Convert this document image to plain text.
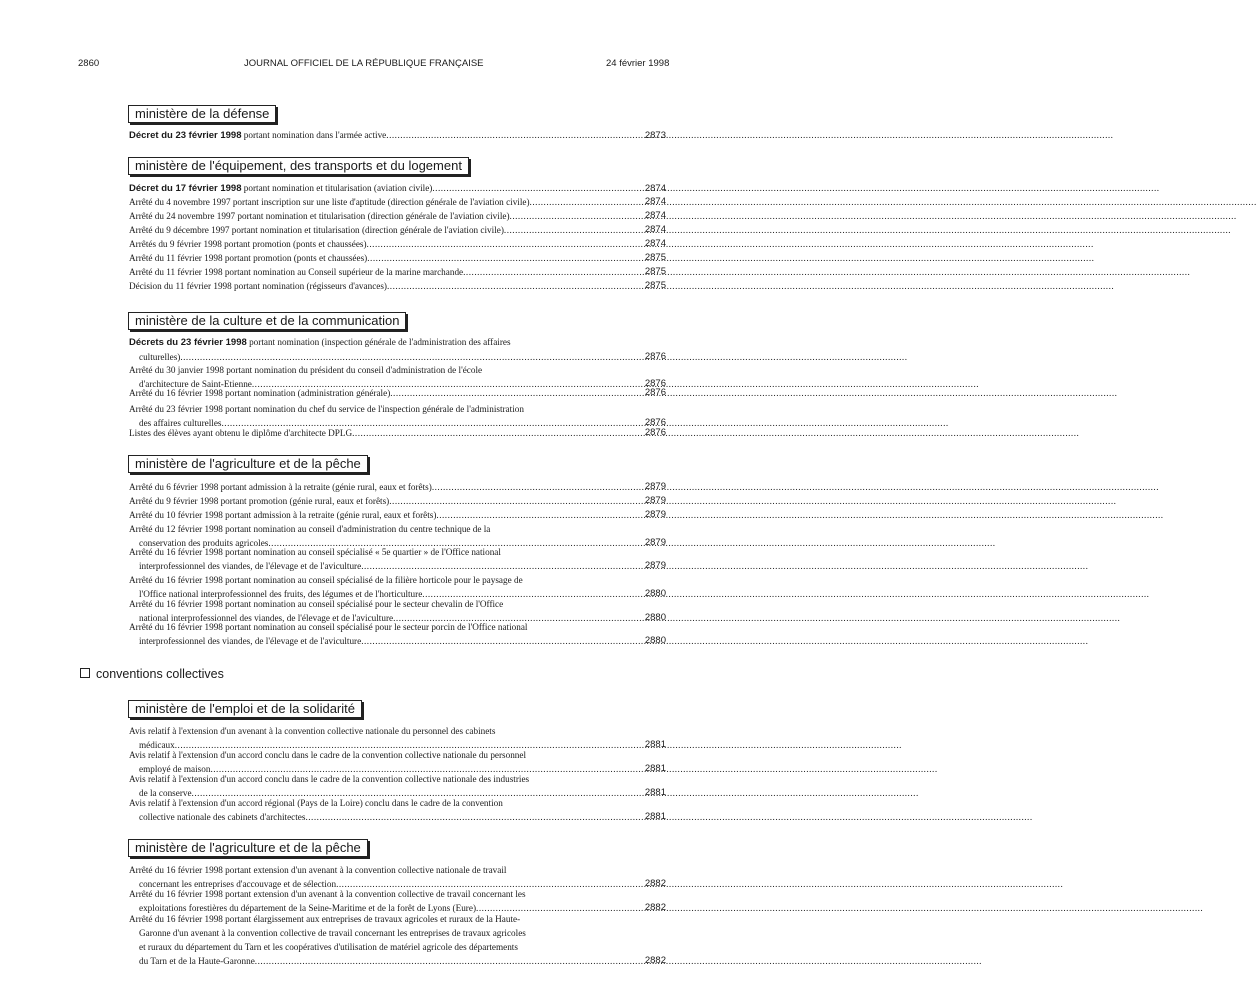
2860	JOURNAL OFFICIEL DE LA RÉPUBLIQUE FRANÇAISE	24 février 1998
ministère de la défense
Décret du 23 février 1998 portant nomination dans l'armée active .....	2873
ministère de l'équipement, des transports et du logement
Décret du 17 février 1998 portant nomination et titularisation (aviation civile) .....	2874
Arrêté du 4 novembre 1997 portant inscription sur une liste d'aptitude (direction générale de l'aviation civile) .....	2874
Arrêté du 24 novembre 1997 portant nomination et titularisation (direction générale de l'aviation civile) .....	2874
Arrêté du 9 décembre 1997 portant nomination et titularisation (direction générale de l'aviation civile) .....	2874
Arrêtés du 9 février 1998 portant promotion (ponts et chaussées) .....	2874
Arrêté du 11 février 1998 portant promotion (ponts et chaussées) .....	2875
Arrêté du 11 février 1998 portant nomination au Conseil supérieur de la marine marchande .....	2875
Décision du 11 février 1998 portant nomination (régisseurs d'avances) .....	2875
ministère de la culture et de la communication
Décrets du 23 février 1998 portant nomination (inspection générale de l'administration des affaires
culturelles) .....	2876
Arrêté du 30 janvier 1998 portant nomination du président du conseil d'administration de l'école
d'architecture de Saint-Etienne .....	2876
Arrêté du 16 février 1998 portant nomination (administration générale) .....	2876
Arrêté du 23 février 1998 portant nomination du chef du service de l'inspection générale de l'administration
des affaires culturelles .....	2876
Listes des élèves ayant obtenu le diplôme d'architecte DPLG .....	2876
ministère de l'agriculture et de la pêche
Arrêté du 6 février 1998 portant admission à la retraite (génie rural, eaux et forêts) .....	2879
Arrêté du 9 février 1998 portant promotion (génie rural, eaux et forêts) .....	2879
Arrêté du 10 février 1998 portant admission à la retraite (génie rural, eaux et forêts) .....	2879
Arrêté du 12 février 1998 portant nomination au conseil d'administration du centre technique de la
conservation des produits agricoles .....	2879
Arrêté du 16 février 1998 portant nomination au conseil spécialisé « 5e quartier » de l'Office national
interprofessionnel des viandes, de l'élevage et de l'aviculture .....	2879
Arrêté du 16 février 1998 portant nomination au conseil spécialisé de la filière horticole pour le paysage de
l'Office national interprofessionnel des fruits, des légumes et de l'horticulture .....	2880
Arrêté du 16 février 1998 portant nomination au conseil spécialisé pour le secteur chevalin de l'Office
national interprofessionnel des viandes, de l'élevage et de l'aviculture .....	2880
Arrêté du 16 février 1998 portant nomination au conseil spécialisé pour le secteur porcin de l'Office national
interprofessionnel des viandes, de l'élevage et de l'aviculture .....	2880
conventions collectives
ministère de l'emploi et de la solidarité
Avis relatif à l'extension d'un avenant à la convention collective nationale du personnel des cabinets
médicaux .....	2881
Avis relatif à l'extension d'un accord conclu dans le cadre de la convention collective nationale du personnel
employé de maison .....	2881
Avis relatif à l'extension d'un accord conclu dans le cadre de la convention collective nationale des industries
de la conserve .....	2881
Avis relatif à l'extension d'un accord régional (Pays de la Loire) conclu dans le cadre de la convention
collective nationale des cabinets d'architectes .....	2881
ministère de l'agriculture et de la pêche
Arrêté du 16 février 1998 portant extension d'un avenant à la convention collective nationale de travail
concernant les entreprises d'accouvage et de sélection .....	2882
Arrêté du 16 février 1998 portant extension d'un avenant à la convention collective de travail concernant les
exploitations forestières du département de la Seine-Maritime et de la forêt de Lyons (Eure) .....	2882
Arrêté du 16 février 1998 portant élargissement aux entreprises de travaux agricoles et ruraux de la Haute-
Garonne d'un avenant à la convention collective de travail concernant les entreprises de travaux agricoles
et ruraux du département du Tarn et les coopératives d'utilisation de matériel agricole des départements
du Tarn et de la Haute-Garonne .....	2882
